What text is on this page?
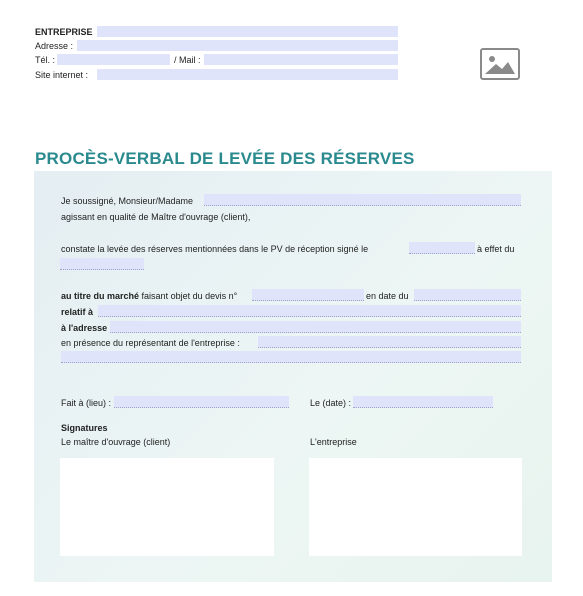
ENTREPRISE
Adresse :
Tél. :	/ Mail :
Site internet :
PROCÈS-VERBAL DE LEVÉE DES RÉSERVES
Je soussigné, Monsieur/Madame
agissant en qualité de Maître d'ouvrage (client),
constate la levée des réserves mentionnées dans le PV de réception signé le	à effet du
au titre du marché faisant objet du devis n°	en date du
relatif à
à l'adresse
en présence du représentant de l'entreprise :
Fait à (lieu) :	Le (date) :
Signatures
Le maître d'ouvrage (client)	L'entreprise
